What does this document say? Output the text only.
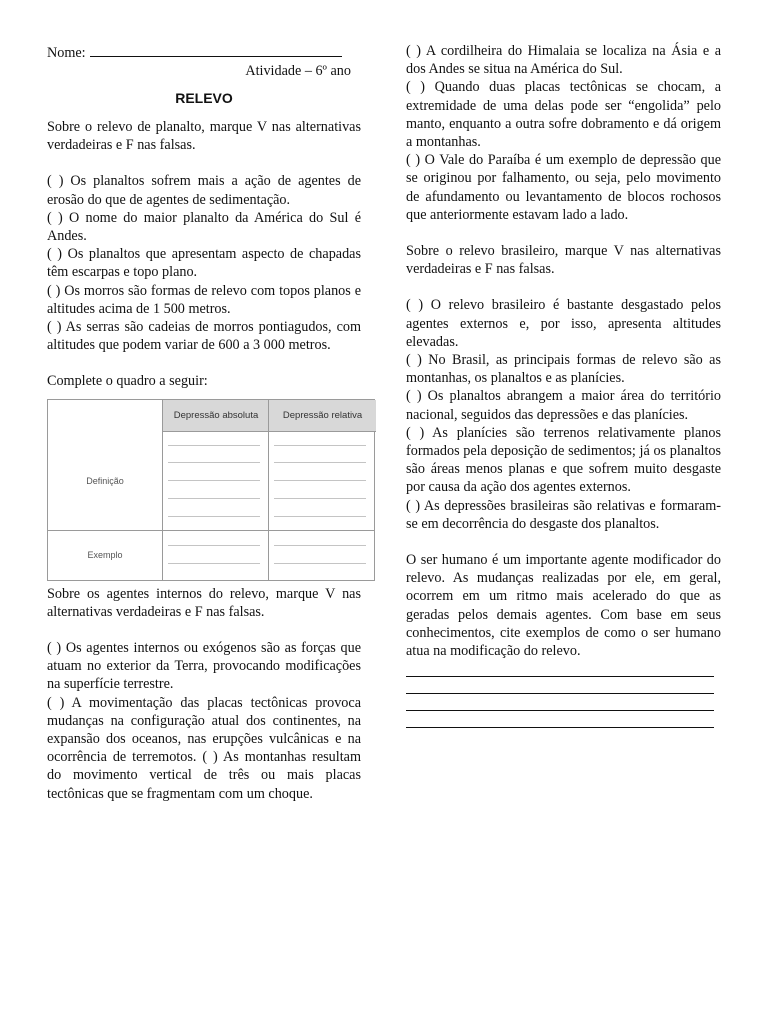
Nome:
Atividade – 6º ano
RELEVO

Sobre o relevo de planalto, marque V nas alternativas verdadeiras e F nas falsas.

( ) Os planaltos sofrem mais a ação de agentes de erosão do que de agentes de sedimentação.

( ) O nome do maior planalto da América do Sul é Andes.

( ) Os planaltos que apresentam aspecto de chapadas têm escarpas e topo plano.

( ) Os morros são formas de relevo com topos planos e altitudes acima de 1 500 metros.

( ) As serras são cadeias de morros pontiagudos, com altitudes que podem variar de 600 a 3 000 metros.

Complete o quadro a seguir:

Depressão absoluta	Depressão relativa
Definição
Exemplo

Sobre os agentes internos do relevo, marque V nas alternativas verdadeiras e F nas falsas.

( ) Os agentes internos ou exógenos são as forças que atuam no exterior da Terra, provocando modificações na superfície terrestre.

( ) A movimentação das placas tectônicas provoca mudanças na configuração atual dos continentes, na expansão dos oceanos, nas erupções vulcânicas e na ocorrência de terremotos. ( ) As montanhas resultam do movimento vertical de três ou mais placas tectônicas que se fragmentam com um choque.

( ) A cordilheira do Himalaia se localiza na Ásia e a dos Andes se situa na América do Sul.

( ) Quando duas placas tectônicas se chocam, a extremidade de uma delas pode ser “engolida” pelo manto, enquanto a outra sofre dobramento e dá origem a montanhas.

( ) O Vale do Paraíba é um exemplo de depressão que se originou por falhamento, ou seja, pelo movimento de afundamento ou levantamento de blocos rochosos que anteriormente estavam lado a lado.

Sobre o relevo brasileiro, marque V nas alternativas verdadeiras e F nas falsas.

( ) O relevo brasileiro é bastante desgastado pelos agentes externos e, por isso, apresenta altitudes elevadas.

( ) No Brasil, as principais formas de relevo são as montanhas, os planaltos e as planícies.

( ) Os planaltos abrangem a maior área do território nacional, seguidos das depressões e das planícies.

( ) As planícies são terrenos relativamente planos formados pela deposição de sedimentos; já os planaltos são áreas menos planas e que sofrem muito desgaste por causa da ação dos agentes externos.

( ) As depressões brasileiras são relativas e formaram-se em decorrência do desgaste dos planaltos.

O ser humano é um importante agente modificador do relevo. As mudanças realizadas por ele, em geral, ocorrem em um ritmo mais acelerado do que as geradas pelos demais agentes. Com base em seus conhecimentos, cite exemplos de como o ser humano atua na modificação do relevo.
